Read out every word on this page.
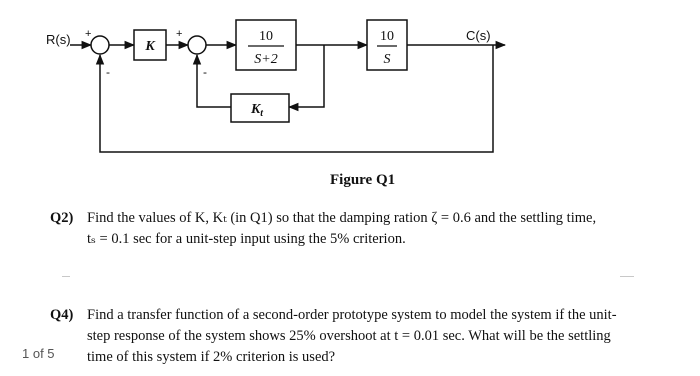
R(s) +
-
K
+
-
10
S+2
10
S
C(s)
$K_t$
Figure Q1
Q2) Find the values of K, Kₜ (in Q1) so that the damping ration ζ = 0.6 and the settling time,
tₛ = 0.1 sec for a unit-step input using the 5% criterion.
Q4) Find a transfer function of a second-order prototype system to model the system if the unit-
step response of the system shows 25% overshoot at t = 0.01 sec. What will be the settling
time of this system if 2% criterion is used?
1 of 5
